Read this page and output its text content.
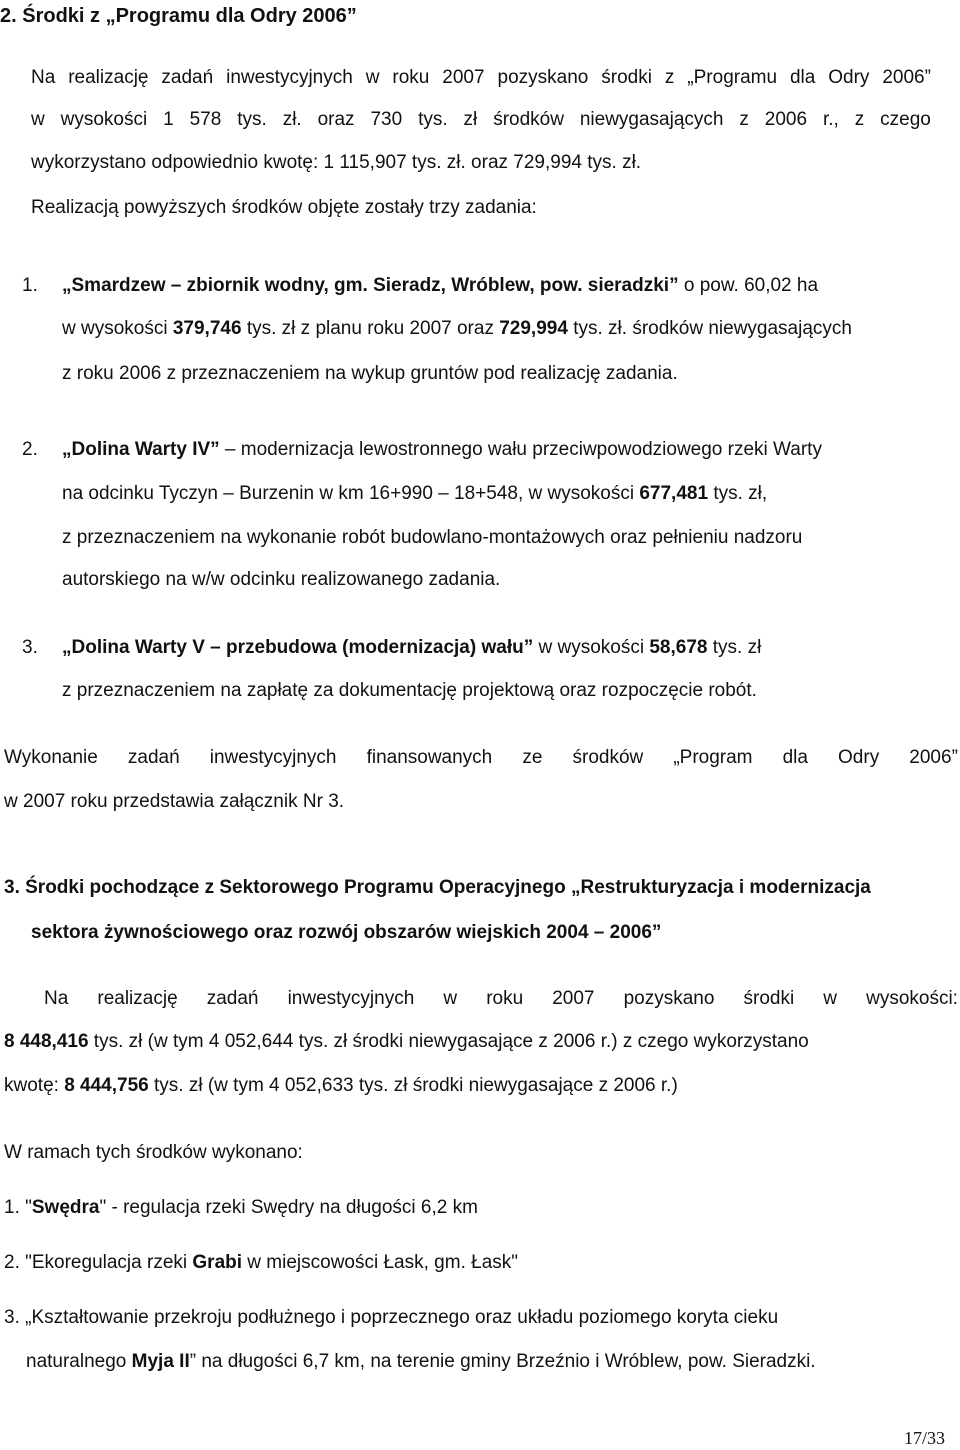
2. Środki z „Programu dla Odry 2006”
Na realizację zadań inwestycyjnych w roku 2007 pozyskano środki z „Programu dla Odry 2006”
w wysokości 1 578 tys. zł. oraz 730 tys. zł środków niewygasających z 2006 r., z czego
wykorzystano odpowiednio kwotę: 1 115,907 tys. zł. oraz 729,994 tys. zł.
Realizacją powyższych środków objęte zostały trzy zadania:
1. „Smardzew – zbiornik wodny, gm. Sieradz, Wróblew, pow. sieradzki” o pow. 60,02 ha
w wysokości 379,746 tys. zł z planu roku 2007 oraz 729,994 tys. zł. środków niewygasających
z roku 2006 z przeznaczeniem na wykup gruntów pod realizację zadania.
2. „Dolina Warty IV” – modernizacja lewostronnego wału przeciwpowodziowego rzeki Warty
na odcinku Tyczyn – Burzenin w km 16+990 – 18+548, w wysokości 677,481 tys. zł,
z przeznaczeniem na wykonanie robót budowlano-montażowych oraz pełnieniu nadzoru
autorskiego na w/w odcinku realizowanego zadania.
3. „Dolina Warty V – przebudowa (modernizacja) wału” w wysokości 58,678 tys. zł
z przeznaczeniem na zapłatę za dokumentację projektową oraz rozpoczęcie robót.
Wykonanie zadań inwestycyjnych finansowanych ze środków „Program dla Odry 2006”
w 2007 roku przedstawia załącznik Nr 3.
3. Środki pochodzące z Sektorowego Programu Operacyjnego „Restrukturyzacja i modernizacja
sektora żywnościowego oraz rozwój obszarów wiejskich 2004 – 2006”
Na realizację zadań inwestycyjnych w roku 2007 pozyskano środki w wysokości:
8 448,416 tys. zł (w tym 4 052,644 tys. zł środki niewygasające z 2006 r.) z czego wykorzystano
kwotę: 8 444,756 tys. zł (w tym 4 052,633 tys. zł środki niewygasające z 2006 r.)
W ramach tych środków wykonano:
1. "Swędra" - regulacja rzeki Swędry na długości 6,2 km
2. "Ekoregulacja rzeki Grabi w miejscowości Łask, gm. Łask"
3. „Kształtowanie przekroju podłużnego i poprzecznego oraz układu poziomego koryta cieku
naturalnego Myja II” na długości 6,7 km, na terenie gminy Brzeźnio i Wróblew, pow. Sieradzki.
17/33
